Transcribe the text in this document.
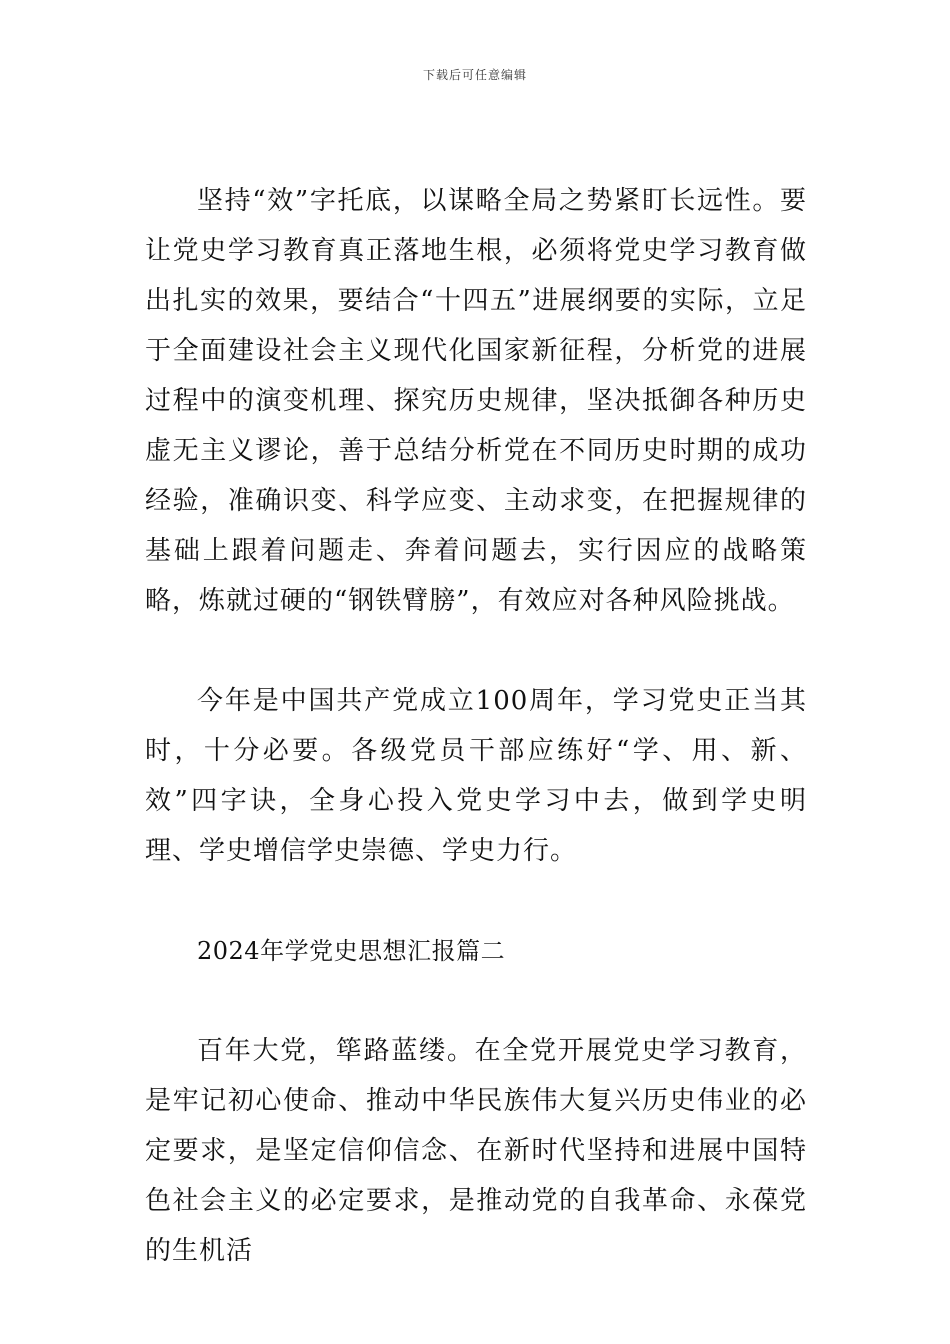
下载后可任意编辑

坚持“效”字托底，以谋略全局之势紧盯长远性。要让党史学习教育真正落地生根，必须将党史学习教育做出扎实的效果，要结合“十四五”进展纲要的实际，立足于全面建设社会主义现代化国家新征程，分析党的进展过程中的演变机理、探究历史规律，坚决抵御各种历史虚无主义谬论，善于总结分析党在不同历史时期的成功经验，准确识变、科学应变、主动求变，在把握规律的基础上跟着问题走、奔着问题去，实行因应的战略策略，炼就过硬的“钢铁臂膀”，有效应对各种风险挑战。

今年是中国共产党成立100周年，学习党史正当其时，十分必要。各级党员干部应练好“学、用、新、效”四字诀，全身心投入党史学习中去，做到学史明理、学史增信学史崇德、学史力行。

2024年学党史思想汇报篇二

百年大党，筚路蓝缕。在全党开展党史学习教育，是牢记初心使命、推动中华民族伟大复兴历史伟业的必定要求，是坚定信仰信念、在新时代坚持和进展中国特色社会主义的必定要求，是推动党的自我革命、永葆党的生机活
